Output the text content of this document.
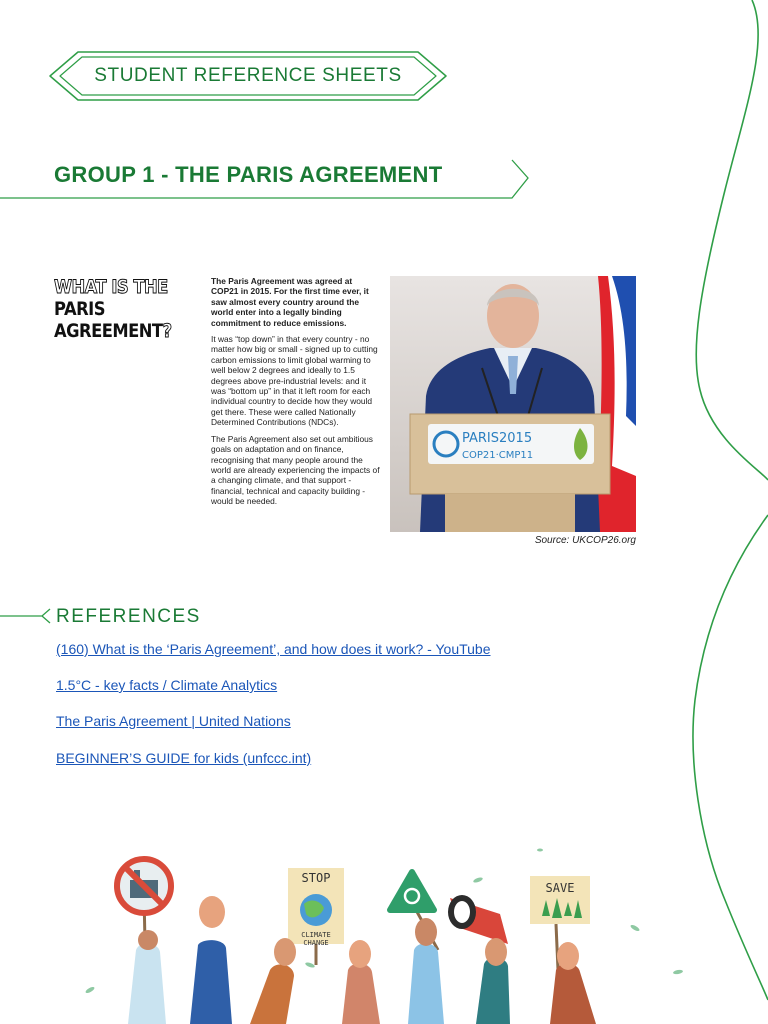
STUDENT REFERENCE SHEETS
GROUP 1 - THE PARIS AGREEMENT
WHAT IS THE PARIS
AGREEMENT?

The Paris Agreement was agreed at COP21 in 2015. For the first time ever, it saw almost every country around the world enter into a legally binding commitment to reduce emissions.

It was “top down” in that every country - no matter how big or small - signed up to cutting carbon emissions to limit global warming to well below 2 degrees and ideally to 1.5 degrees above pre-industrial levels: and it was “bottom up” in that it left room for each individual country to decide how they would get there. These were called Nationally Determined Contributions (NDCs).

The Paris Agreement also set out ambitious goals on adaptation and on finance, recognising that many people around the world are already experiencing the impacts of a changing climate, and that support - financial, technical and capacity building - would be needed.

PARIS2015
COP21·CMP11
Source: UKCOP26.org
REFERENCES
(160) What is the ‘Paris Agreement’, and how does it work? - YouTube
1.5°C - key facts / Climate Analytics
The Paris Agreement | United Nations
BEGINNER’S GUIDE for kids (unfccc.int)
STOP
CLIMATE
CHANGE
SAVE
